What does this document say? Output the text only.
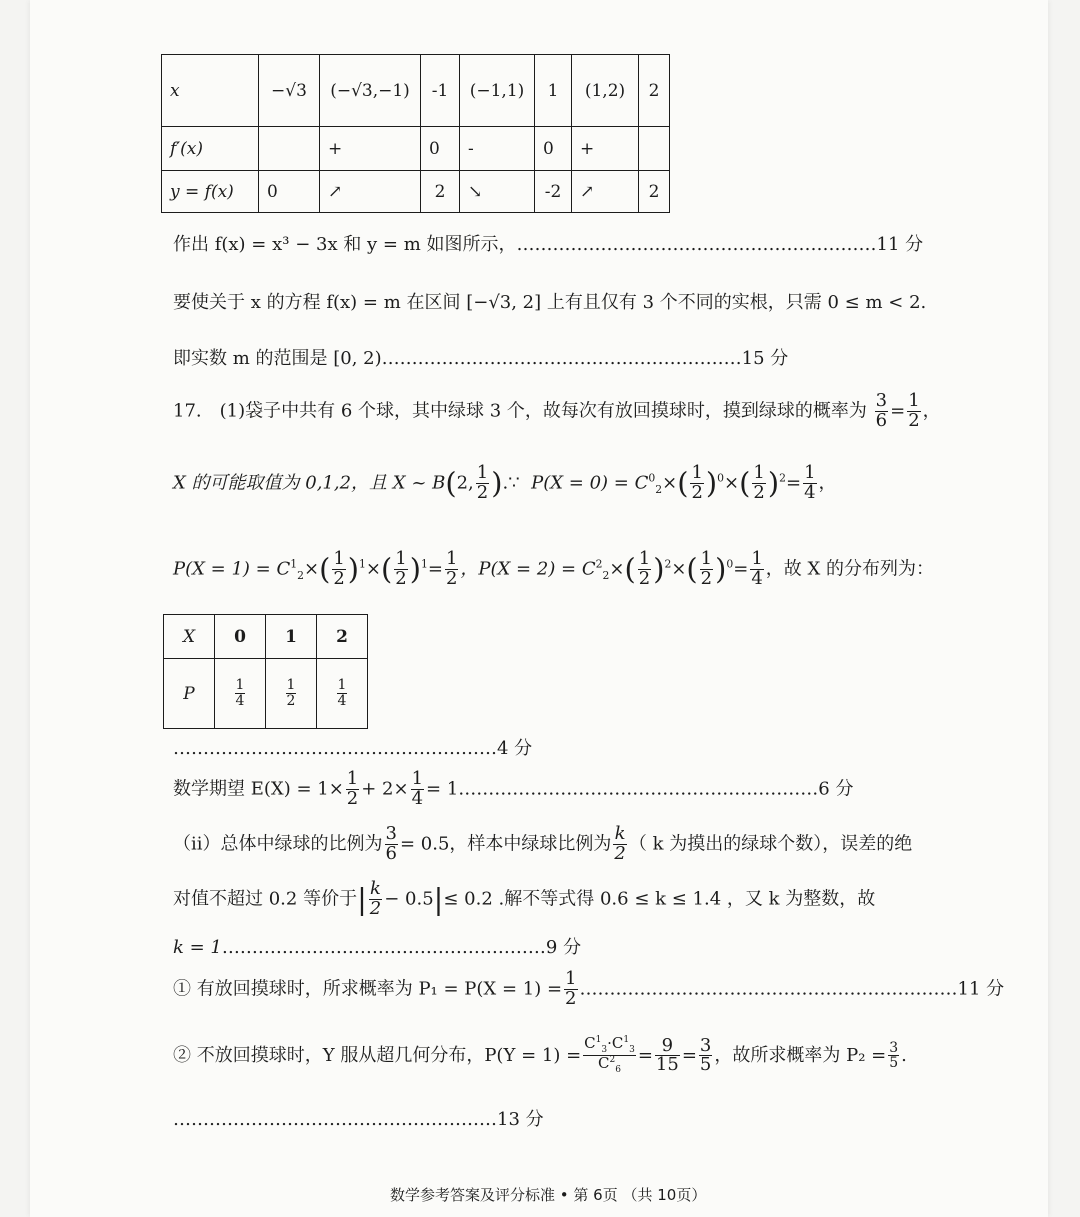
x	−√3	(−√3,−1)	-1	(−1,1)	1	(1,2)	2
f′(x)		+	0	-	0	+	
y = f(x)	0	↗	2	↘	-2	↗	2
作出 f(x) = x³ − 3x 和 y = m 如图所示，……………………………………………………11 分
要使关于 x 的方程 f(x) = m 在区间 [−√3, 2] 上有且仅有 3 个不同的实根，只需 0 ≤ m < 2.
即实数 m 的范围是 [0, 2)……………………………………………………15 分
17.　(1)袋子中共有 6 个球，其中绿球 3 个，故每次有放回摸球时，摸到绿球的概率为 $\frac{3}{6} = \frac{1}{2}$ ，
X 的可能取值为 0,1,2，且 X ~ B(2, $\frac{1}{2}$ ).∵  $P(X = 0) = C^0_2\times( \frac{1}{2} )^0\times( \frac{1}{2} )^2= \frac{1}{4}$ ，
$P(X = 1) = C^1_2\times( \frac{1}{2} )^1\times( \frac{1}{2} )^1= \frac{1}{2}$ ，$P(X = 2) = C^2_2\times( \frac{1}{2} )^2\times( \frac{1}{2} )^0= \frac{1}{4}$ ，故 X 的分布列为：
X	0	1	2
P	$\frac{1}{4}$	$\frac{1}{2}$	$\frac{1}{4}$
………………………………………………4 分
数学期望 $E(X) = 1\times \frac{1}{2} + 2\times \frac{1}{4}$ = 1……………………………………………………6 分
（ii）总体中绿球的比例为 $\frac{3}{6} = 0.5$，样本中绿球比例为 $\frac{k}{2}$ （ k 为摸出的绿球个数），误差的绝
对值不超过 0.2 等价于| $\frac{k}{2} - 0.5|\le 0.2$ .解不等式得 0.6 ≤ k ≤ 1.4 ，又 k 为整数，故
k = 1………………………………………………9 分
① 有放回摸球时，所求概率为 $P_1 = P(X = 1) = \frac{1}{2}$ ………………………………………………………11 分
② 不放回摸球时，Y 服从超几何分布，$P(Y = 1) = \frac{C^1_3\cdot C^1_3}{C^2_6} = \frac{9}{15} = \frac{3}{5}$ ，故所求概率为 $P_2 = \frac{3}{5}$ .
………………………………………………13 分
数学参考答案及评分标准 • 第 6页 （共 10页）
